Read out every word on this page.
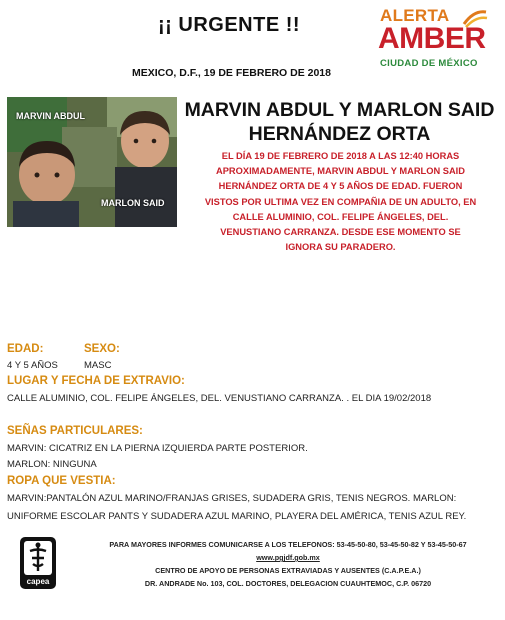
¡¡ URGENTE !!
MEXICO, D.F., 19 DE FEBRERO DE 2018
ALERTA
AMBER
CIUDAD DE MÉXICO
MARVIN ABDUL
MARLON SAID
MARVIN ABDUL Y MARLON SAID
HERNÁNDEZ ORTA
EL DÍA 19 DE FEBRERO DE 2018 A LAS 12:40 HORAS
APROXIMADAMENTE, MARVIN ABDUL Y MARLON SAID
HERNÁNDEZ ORTA DE 4 Y 5 AÑOS DE EDAD. FUERON
VISTOS POR ULTIMA VEZ EN COMPAÑIA DE UN ADULTO, EN
CALLE ALUMINIO, COL. FELIPE ÁNGELES, DEL.
VENUSTIANO CARRANZA. DESDE ESE MOMENTO SE
IGNORA SU PARADERO.
EDAD:	SEXO:
4 Y 5 AÑOS	MASC
LUGAR Y FECHA DE EXTRAVIO:
CALLE ALUMINIO, COL. FELIPE ÁNGELES, DEL. VENUSTIANO CARRANZA. . EL DIA 19/02/2018
SEÑAS PARTICULARES:
MARVIN: CICATRIZ EN LA PIERNA IZQUIERDA PARTE POSTERIOR.
MARLON: NINGUNA
ROPA QUE VESTIA:
MARVIN:PANTALÓN AZUL MARINO/FRANJAS GRISES, SUDADERA GRIS, TENIS NEGROS. MARLON:
UNIFORME ESCOLAR PANTS Y SUDADERA AZUL MARINO, PLAYERA DEL AMÉRICA, TENIS AZUL REY.
capea
PARA MAYORES INFORMES COMUNICARSE A LOS TELEFONOS: 53-45-50-80, 53-45-50-82 Y 53-45-50-67
www.pgjdf.gob.mx
CENTRO DE APOYO DE PERSONAS EXTRAVIADAS Y AUSENTES (C.A.P.E.A.)
DR. ANDRADE No. 103, COL. DOCTORES, DELEGACION CUAUHTEMOC, C.P. 06720
